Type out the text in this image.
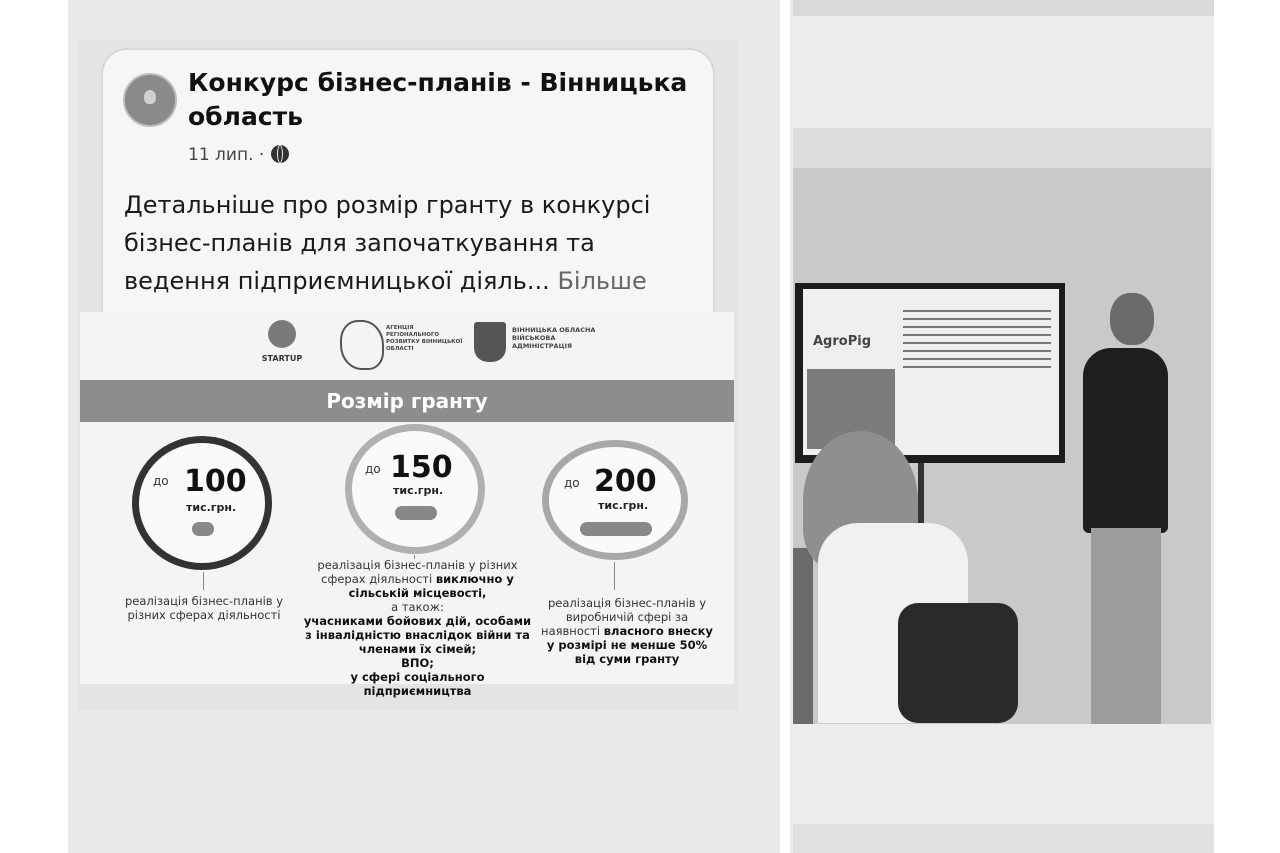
Конкурс бізнес-планів - Вінницька область
11 лип. ·
Детальніше про розмір гранту в конкурсі бізнес-планів для започаткування та ведення підприємницької діяль... Більше
STARTUP
АГЕНЦІЯ РЕГІОНАЛЬНОГО РОЗВИТКУ ВІННИЦЬКОЇ ОБЛАСТІ
ВІННИЦЬКА ОБЛАСНА ВІЙСЬКОВА АДМІНІСТРАЦІЯ
Розмір гранту
до 100
тис.грн.
реалізація бізнес-планів у різних сферах діяльності
до 150
тис.грн.
реалізація бізнес-планів у різних сферах діяльності виключно у сільській місцевості,
а також:
учасниками бойових дій, особами з інвалідністю внаслідок війни та членами їх сімей;
ВПО;
у сфері соціального підприємництва
до 200
тис.грн.
реалізація бізнес-планів у виробничій сфері за наявності власного внеску у розмірі не менше 50% від суми гранту
AgroPig
